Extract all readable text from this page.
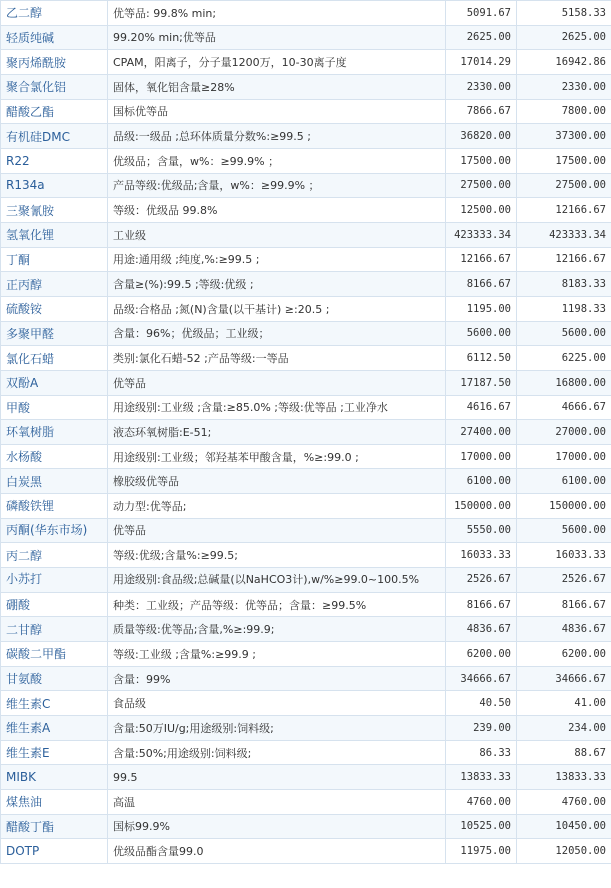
乙二醇	优等品: 99.8% min;	5091.67	5158.33
轻质纯碱	99.20% min;优等品	2625.00	2625.00
聚丙烯酰胺	CPAM，阳离子，分子量1200万，10-30离子度	17014.29	16942.86
聚合氯化铝	固体，氧化铝含量≥28%	2330.00	2330.00
醋酸乙酯	国标优等品	7866.67	7800.00
有机硅DMC	品级:一级品 ;总环体质量分数%:≥99.5 ;	36820.00	37300.00
R22	优级品；含量，w%：≥99.9% ；	17500.00	17500.00
R134a	产品等级:优级品;含量，w%：≥99.9% ；	27500.00	27500.00
三聚氰胺	等级：优级品 99.8%	12500.00	12166.67
氢氧化锂	工业级	423333.34	423333.34
丁酮	用途:通用级 ;纯度,%:≥99.5 ;	12166.67	12166.67
正丙醇	含量≥(%):99.5 ;等级:优级 ;	8166.67	8183.33
硫酸铵	品级:合格品 ;氮(N)含量(以干基计) ≥:20.5 ;	1195.00	1198.33
多聚甲醛	含量：96%；优级品；工业级；	5600.00	5600.00
氯化石蜡	类别:氯化石蜡-52 ;产品等级:一等品	6112.50	6225.00
双酚A	优等品	17187.50	16800.00
甲酸	用途级别:工业级 ;含量:≥85.0% ;等级:优等品 ;工业净水	4616.67	4666.67
环氧树脂	液态环氧树脂:E-51;	27400.00	27000.00
水杨酸	用途级别:工业级；邻羟基苯甲酸含量，%≥:99.0 ;	17000.00	17000.00
白炭黑	橡胶级优等品	6100.00	6100.00
磷酸铁锂	动力型:优等品;	150000.00	150000.00
丙酮(华东市场)	优等品	5550.00	5600.00
丙二醇	等级:优级;含量%:≥99.5;	16033.33	16033.33
小苏打	用途级别:食品级;总碱量(以NaHCO3计),w/%≥99.0~100.5%	2526.67	2526.67
硼酸	种类：工业级；产品等级：优等品；含量：≥99.5%	8166.67	8166.67
二甘醇	质量等级:优等品;含量,%≥:99.9;	4836.67	4836.67
碳酸二甲酯	等级:工业级 ;含量%:≥99.9 ;	6200.00	6200.00
甘氨酸	含量：99%	34666.67	34666.67
维生素C	食品级	40.50	41.00
维生素A	含量:50万IU/g;用途级别:饲料级;	239.00	234.00
维生素E	含量:50%;用途级别:饲料级;	86.33	88.67
MIBK	99.5	13833.33	13833.33
煤焦油	高温	4760.00	4760.00
醋酸丁酯	国标99.9%	10525.00	10450.00
DOTP	优级品酯含量99.0	11975.00	12050.00
